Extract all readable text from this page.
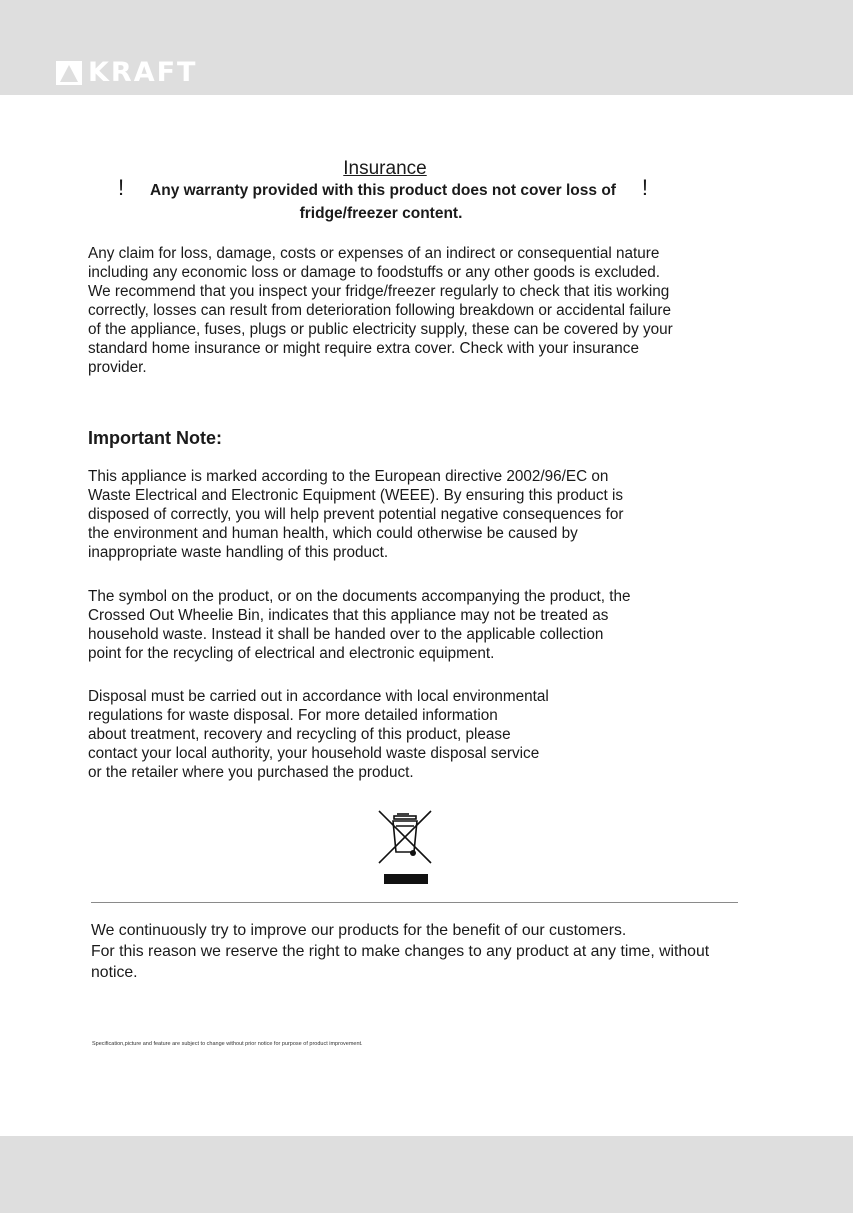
KRAFT
Insurance
! Any warranty provided with this product does not cover loss of !
fridge/freezer content.

Any claim for loss, damage, costs or expenses of an indirect or consequential nature
including any economic loss or damage to foodstuffs or any other goods is excluded.
We recommend that you inspect your fridge/freezer regularly to check that itis working
correctly, losses can result from deterioration following breakdown or accidental failure
of the appliance, fuses, plugs or public electricity supply, these can be covered by your
standard home insurance or might require extra cover. Check with your insurance
provider.

Important Note:

This appliance is marked according to the European directive 2002/96/EC on
Waste Electrical and Electronic Equipment (WEEE). By ensuring this product is
disposed of correctly, you will help prevent potential negative consequences for
the environment and human health, which could otherwise be caused by
inappropriate waste handling of this product.

The symbol on the product, or on the documents accompanying the product, the
Crossed Out Wheelie Bin, indicates that this appliance may not be treated as
household waste. Instead it shall be handed over to the applicable collection
point for the recycling of electrical and electronic equipment.

Disposal must be carried out in accordance with local environmental
regulations for waste disposal. For more detailed information
about treatment, recovery and recycling of this product, please
contact your local authority, your household waste disposal service
or the retailer where you purchased the product.

We continuously try to improve our products for the benefit of our customers.
For this reason we reserve the right to make changes to any product at any time, without
notice.

Specification,picture and feature are subject to change without prior notice for purpose of product improvement.
